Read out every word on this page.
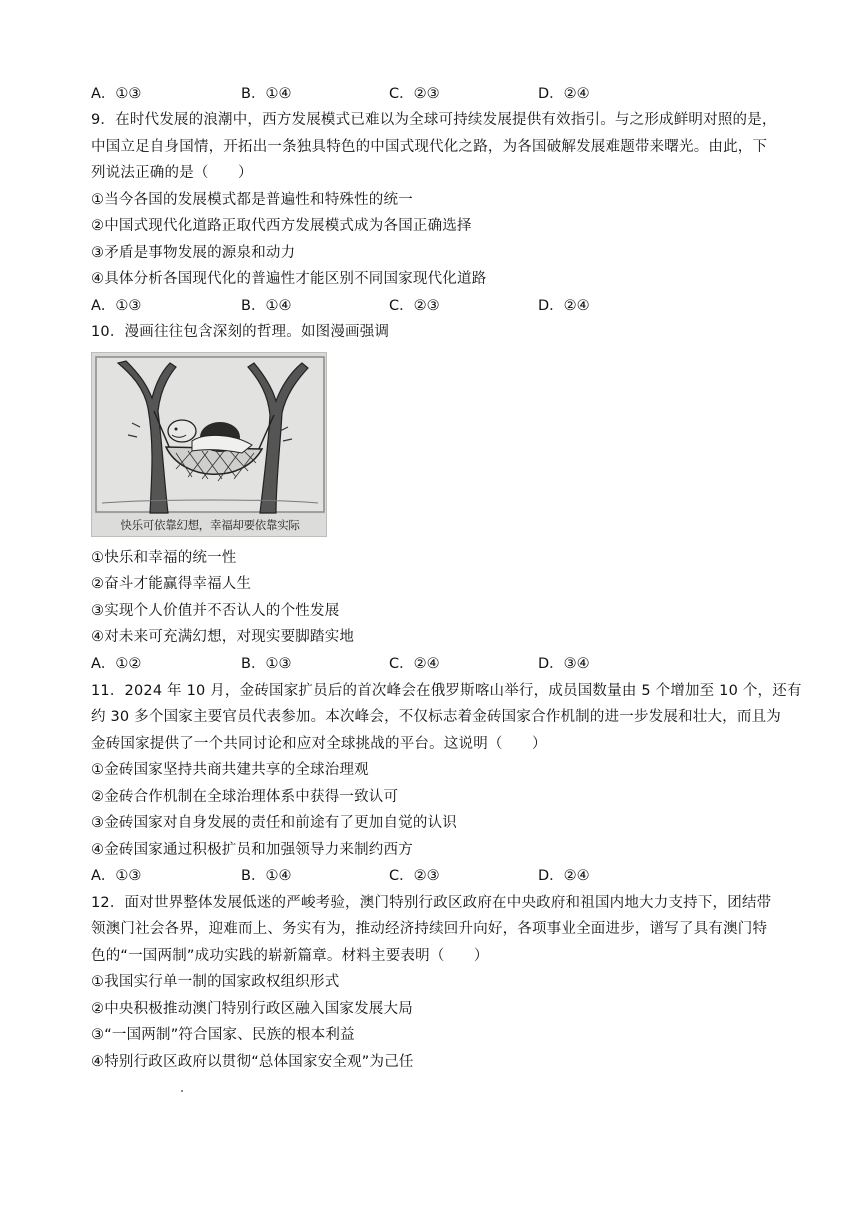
A．①③	B．①④	C．②③	D．②④
9．在时代发展的浪潮中，西方发展模式已难以为全球可持续发展提供有效指引。与之形成鲜明对照的是，
中国立足自身国情，开拓出一条独具特色的中国式现代化之路，为各国破解发展难题带来曙光。由此，下
列说法正确的是（　　）
①当今各国的发展模式都是普遍性和特殊性的统一
②中国式现代化道路正取代西方发展模式成为各国正确选择
③矛盾是事物发展的源泉和动力
④具体分析各国现代化的普遍性才能区别不同国家现代化道路
A．①③	B．①④	C．②③	D．②④
10．漫画往往包含深刻的哲理。如图漫画强调
快乐可依靠幻想，幸福却要依靠实际
①快乐和幸福的统一性
②奋斗才能赢得幸福人生
③实现个人价值并不否认人的个性发展
④对未来可充满幻想，对现实要脚踏实地
A．①②	B．①③	C．②④	D．③④
11．2024 年 10 月，金砖国家扩员后的首次峰会在俄罗斯喀山举行，成员国数量由 5 个增加至 10 个，还有
约 30 多个国家主要官员代表参加。本次峰会，不仅标志着金砖国家合作机制的进一步发展和壮大，而且为
金砖国家提供了一个共同讨论和应对全球挑战的平台。这说明（　　）
①金砖国家坚持共商共建共享的全球治理观
②金砖合作机制在全球治理体系中获得一致认可
③金砖国家对自身发展的责任和前途有了更加自觉的认识
④金砖国家通过积极扩员和加强领导力来制约西方
A．①③	B．①④	C．②③	D．②④
12．面对世界整体发展低迷的严峻考验，澳门特别行政区政府在中央政府和祖国内地大力支持下，团结带
领澳门社会各界，迎难而上、务实有为，推动经济持续回升向好，各项事业全面进步，谱写了具有澳门特
色的“一国两制”成功实践的崭新篇章。材料主要表明（　　）
①我国实行单一制的国家政权组织形式
②中央积极推动澳门特别行政区融入国家发展大局
③“一国两制”符合国家、民族的根本利益
④特别行政区政府以贯彻“总体国家安全观”为己任
